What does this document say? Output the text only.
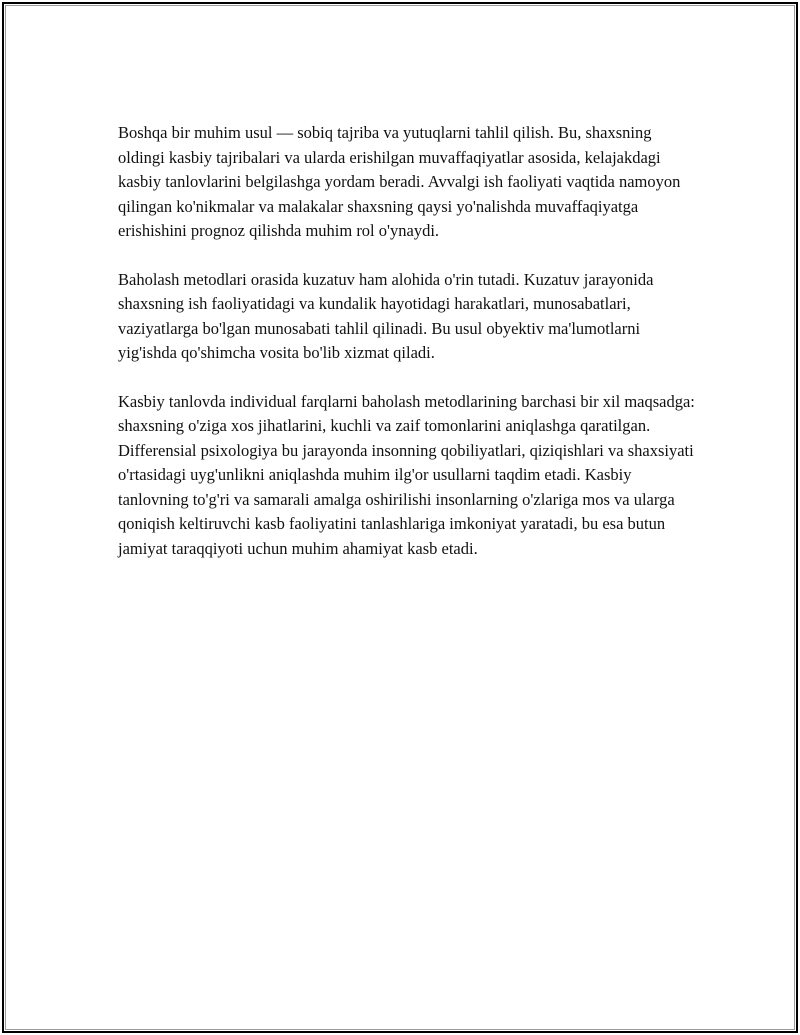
Boshqa bir muhim usul — sobiq tajriba va yutuqlarni tahlil qilish. Bu, shaxsning oldingi kasbiy tajribalari va ularda erishilgan muvaffaqiyatlar asosida, kelajakdagi kasbiy tanlovlarini belgilashga yordam beradi. Avvalgi ish faoliyati vaqtida namoyon qilingan ko'nikmalar va malakalar shaxsning qaysi yo'nalishda muvaffaqiyatga erishishini prognoz qilishda muhim rol o'ynaydi.

Baholash metodlari orasida kuzatuv ham alohida o'rin tutadi. Kuzatuv jarayonida shaxsning ish faoliyatidagi va kundalik hayotidagi harakatlari, munosabatlari, vaziyatlarga bo'lgan munosabati tahlil qilinadi. Bu usul obyektiv ma'lumotlarni yig'ishda qo'shimcha vosita bo'lib xizmat qiladi.

Kasbiy tanlovda individual farqlarni baholash metodlarining barchasi bir xil maqsadga: shaxsning o'ziga xos jihatlarini, kuchli va zaif tomonlarini aniqlashga qaratilgan. Differensial psixologiya bu jarayonda insonning qobiliyatlari, qiziqishlari va shaxsiyati o'rtasidagi uyg'unlikni aniqlashda muhim ilg'or usullarni taqdim etadi. Kasbiy tanlovning to'g'ri va samarali amalga oshirilishi insonlarning o'zlariga mos va ularga qoniqish keltiruvchi kasb faoliyatini tanlashlariga imkoniyat yaratadi, bu esa butun jamiyat taraqqiyoti uchun muhim ahamiyat kasb etadi.
